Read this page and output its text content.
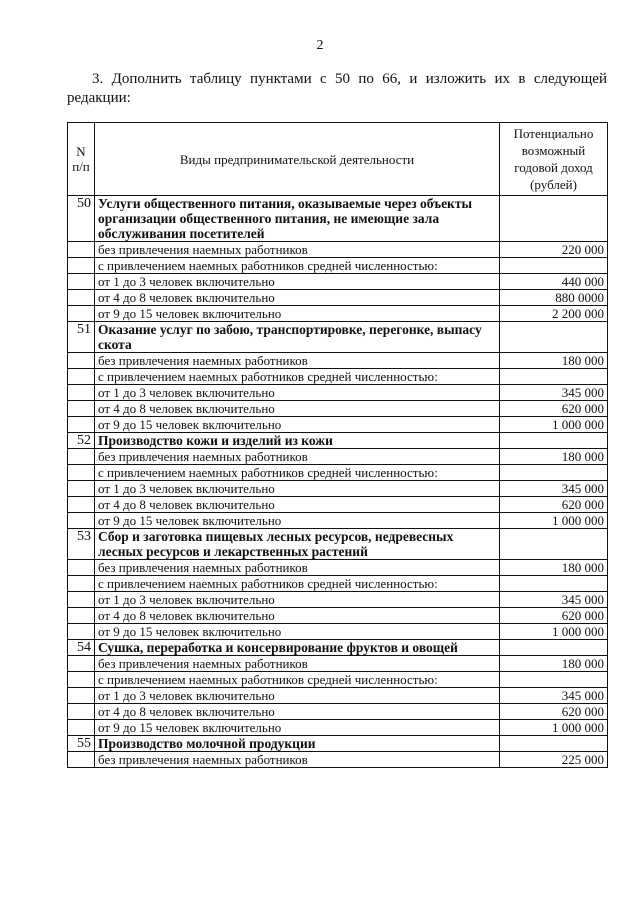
2
3. Дополнить таблицу пунктами с 50 по 66, и изложить их в следующей редакции:
N п/п	Виды предпринимательской деятельности	Потенциально возможный годовой доход (рублей)
50	Услуги общественного питания, оказываемые через объекты организации общественного питания, не имеющие зала обслуживания посетителей	
	без привлечения наемных работников	220 000
	с привлечением наемных работников средней численностью:	
	от 1 до 3 человек включительно	440 000
	от 4 до 8 человек включительно	880 0000
	от 9 до 15 человек включительно	2 200 000
51	Оказание услуг по забою, транспортировке, перегонке, выпасу скота	
	без привлечения наемных работников	180 000
	с привлечением наемных работников средней численностью:	
	от 1 до 3 человек включительно	345 000
	от 4 до 8 человек включительно	620 000
	от 9 до 15 человек включительно	1 000 000
52	Производство кожи и изделий из кожи	
	без привлечения наемных работников	180 000
	с привлечением наемных работников средней численностью:	
	от 1 до 3 человек включительно	345 000
	от 4 до 8 человек включительно	620 000
	от 9 до 15 человек включительно	1 000 000
53	Сбор и заготовка пищевых лесных ресурсов, недревесных лесных ресурсов и лекарственных растений	
	без привлечения наемных работников	180 000
	с привлечением наемных работников средней численностью:	
	от 1 до 3 человек включительно	345 000
	от 4 до 8 человек включительно	620 000
	от 9 до 15 человек включительно	1 000 000
54	Сушка, переработка и консервирование фруктов и овощей	
	без привлечения наемных работников	180 000
	с привлечением наемных работников средней численностью:	
	от 1 до 3 человек включительно	345 000
	от 4 до 8 человек включительно	620 000
	от 9 до 15 человек включительно	1 000 000
55	Производство молочной продукции	
	без привлечения наемных работников	225 000
